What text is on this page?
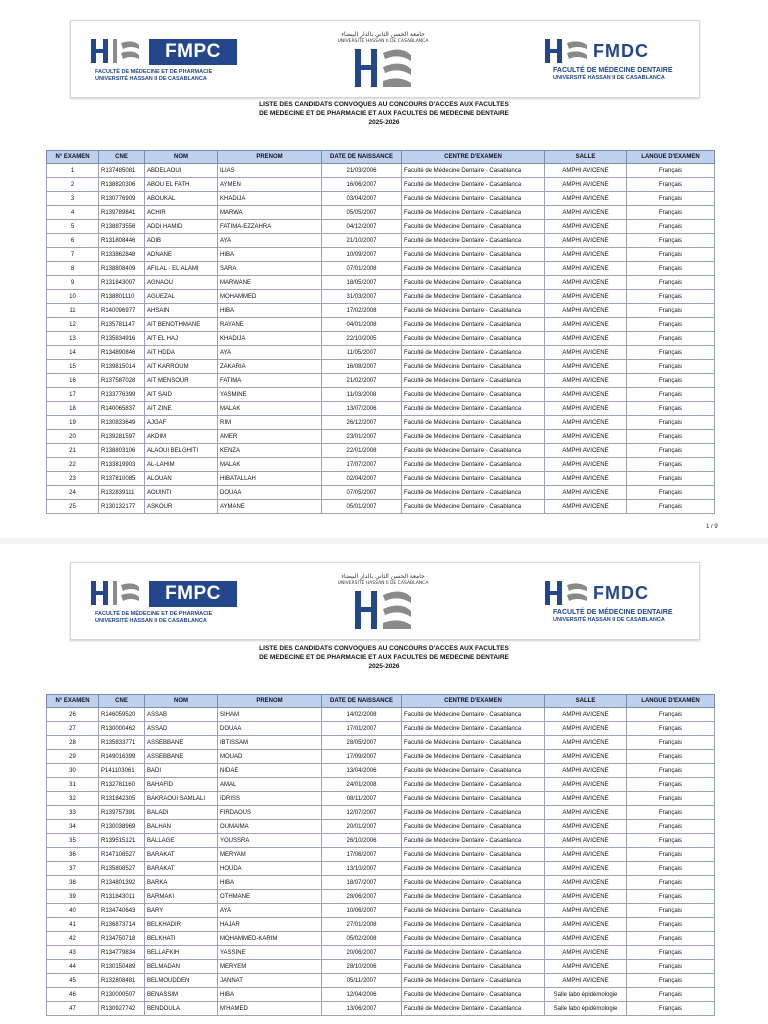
FMPC
FACULTÉ DE MÉDECINE ET DE PHARMACIE
UNIVERSITÉ HASSAN II DE CASABLANCA
جامعة الحسن الثاني بالدار البيضاء
UNIVERSITÉ HASSAN II DE CASABLANCA	FMDC
FACULTÉ DE MÉDECINE DENTAIRE
UNIVERSITÉ HASSAN II DE CASABLANCA
LISTE DES CANDIDATS CONVOQUES AU CONCOURS D'ACCES AUX FACULTES
DE MEDECINE ET DE PHARMACIE ET AUX FACULTES DE MEDECINE DENTAIRE
2025-2026
N° EXAMEN	CNE	NOM	PRENOM	DATE DE NAISSANCE	CENTRE D'EXAMEN	SALLE	LANGUE D'EXAMEN
1	R137485081	ABDELAOUI	ILIAS	21/03/2006	Faculté de Médecine Dentaire - Casablanca	AMPHI AVICENE	Français
2	R138820306	ABOU EL FATH	AYMEN	16/06/2007	Faculté de Médecine Dentaire - Casablanca	AMPHI AVICENE	Français
3	R130776909	ABOUKAL	KHADIJA	03/04/2007	Faculté de Médecine Dentaire - Casablanca	AMPHI AVICENE	Français
4	R139789841	ACHIR	MARWA	05/05/2007	Faculté de Médecine Dentaire - Casablanca	AMPHI AVICENE	Français
5	R138873556	ADDI HAMID	FATIMA-EZZAHRA	04/12/2007	Faculté de Médecine Dentaire - Casablanca	AMPHI AVICENE	Français
6	R131808446	ADIB	AYA	21/10/2007	Faculté de Médecine Dentaire - Casablanca	AMPHI AVICENE	Français
7	R133862848	ADNANE	HIBA	10/09/2007	Faculté de Médecine Dentaire - Casablanca	AMPHI AVICENE	Français
8	R138808409	AFILAL - EL ALAMI	SARA	07/01/2008	Faculté de Médecine Dentaire - Casablanca	AMPHI AVICENE	Français
9	R131843007	AGNAOU	MARWANE	18/05/2007	Faculté de Médecine Dentaire - Casablanca	AMPHI AVICENE	Français
10	R138801110	AGUEZAL	MOHAMMED	31/03/2007	Faculté de Médecine Dentaire - Casablanca	AMPHI AVICENE	Français
11	R140096977	AHSAIN	HIBA	17/02/2008	Faculté de Médecine Dentaire - Casablanca	AMPHI AVICENE	Français
12	R135781147	AIT BENOTHMANE	RAYANE	04/01/2008	Faculté de Médecine Dentaire - Casablanca	AMPHI AVICENE	Français
13	R135834916	AIT EL HAJ	KHADIJA	22/10/2005	Faculté de Médecine Dentaire - Casablanca	AMPHI AVICENE	Français
14	R134890846	AIT HDDA	AYA	11/05/2007	Faculté de Médecine Dentaire - Casablanca	AMPHI AVICENE	Français
15	R139815014	AIT KARROUM	ZAKARIA	16/08/2007	Faculté de Médecine Dentaire - Casablanca	AMPHI AVICENE	Français
16	R137587028	AIT MENSOUR	FATIMA	21/02/2007	Faculté de Médecine Dentaire - Casablanca	AMPHI AVICENE	Français
17	R133776399	AIT SAID	YASMINE	11/03/2008	Faculté de Médecine Dentaire - Casablanca	AMPHI AVICENE	Français
18	R140065837	AIT ZINE	MALAK	13/07/2006	Faculté de Médecine Dentaire - Casablanca	AMPHI AVICENE	Français
19	R130833649	AJGAF	RIM	26/12/2007	Faculté de Médecine Dentaire - Casablanca	AMPHI AVICENE	Français
20	R139281597	AKDIM	AMER	23/01/2007	Faculté de Médecine Dentaire - Casablanca	AMPHI AVICENE	Français
21	R138803106	ALAOUI BELGHITI	KENZA	22/01/2008	Faculté de Médecine Dentaire - Casablanca	AMPHI AVICENE	Français
22	R133819903	AL-LAHIM	MALAK	17/07/2007	Faculté de Médecine Dentaire - Casablanca	AMPHI AVICENE	Français
23	R137810085	ALOUAN	HIBATALLAH	02/04/2007	Faculté de Médecine Dentaire - Casablanca	AMPHI AVICENE	Français
24	R132839111	AOUINTI	DOUAA	07/05/2007	Faculté de Médecine Dentaire - Casablanca	AMPHI AVICENE	Français
25	R130132177	ASKOUR	AYMANE	05/01/2007	Faculté de Médecine Dentaire - Casablanca	AMPHI AVICENE	Français
1 / 9
FMPC
FACULTÉ DE MÉDECINE ET DE PHARMACIE
UNIVERSITÉ HASSAN II DE CASABLANCA
جامعة الحسن الثاني بالدار البيضاء
UNIVERSITÉ HASSAN II DE CASABLANCA	FMDC
FACULTÉ DE MÉDECINE DENTAIRE
UNIVERSITÉ HASSAN II DE CASABLANCA
LISTE DES CANDIDATS CONVOQUES AU CONCOURS D'ACCES AUX FACULTES
DE MEDECINE ET DE PHARMACIE ET AUX FACULTES DE MEDECINE DENTAIRE
2025-2026
N° EXAMEN	CNE	NOM	PRENOM	DATE DE NAISSANCE	CENTRE D'EXAMEN	SALLE	LANGUE D'EXAMEN
26	R146059520	ASSAB	SIHAM	14/02/2008	Faculté de Médecine Dentaire - Casablanca	AMPHI AVICENE	Français
27	R130000462	ASSAD	DOUAA	17/01/2007	Faculté de Médecine Dentaire - Casablanca	AMPHI AVICENE	Français
28	R135833771	ASSEBBANE	IBTISSAM	28/05/2007	Faculté de Médecine Dentaire - Casablanca	AMPHI AVICENE	Français
29	R149016399	ASSEBBANE	MOUAD	17/09/2007	Faculté de Médecine Dentaire - Casablanca	AMPHI AVICENE	Français
30	P141103061	BADI	NIDAE	13/04/2006	Faculté de Médecine Dentaire - Casablanca	AMPHI AVICENE	Français
31	R132781160	BAHAFID	AMAL	24/01/2008	Faculté de Médecine Dentaire - Casablanca	AMPHI AVICENE	Français
32	R131842305	BAKRAOUI SAMLALI	IDRISS	08/11/2007	Faculté de Médecine Dentaire - Casablanca	AMPHI AVICENE	Français
33	R139757391	BALADI	FIRDAOUS	12/07/2007	Faculté de Médecine Dentaire - Casablanca	AMPHI AVICENE	Français
34	R130038969	BALHAN	OUMAIMA	20/01/2007	Faculté de Médecine Dentaire - Casablanca	AMPHI AVICENE	Français
35	R139515121	BALLAGE	YOUSSRA	26/10/2006	Faculté de Médecine Dentaire - Casablanca	AMPHI AVICENE	Français
36	R147108527	BARAKAT	MERYAM	17/06/2007	Faculté de Médecine Dentaire - Casablanca	AMPHI AVICENE	Français
37	R135808527	BARAKAT	HOUDA	13/10/2007	Faculté de Médecine Dentaire - Casablanca	AMPHI AVICENE	Français
38	R134801392	BARKA	HIBA	18/07/2007	Faculté de Médecine Dentaire - Casablanca	AMPHI AVICENE	Français
39	R131843011	BARMAKI	OTHMANE	28/06/2007	Faculté de Médecine Dentaire - Casablanca	AMPHI AVICENE	Français
40	R134740643	BARY	AYA	10/06/2007	Faculté de Médecine Dentaire - Casablanca	AMPHI AVICENE	Français
41	R136873714	BELKHADIR	HAJAR	27/01/2008	Faculté de Médecine Dentaire - Casablanca	AMPHI AVICENE	Français
42	R134750718	BELKHATI	MOHAMMED-KARIM	05/02/2008	Faculté de Médecine Dentaire - Casablanca	AMPHI AVICENE	Français
43	R134779834	BELLAFKIH	YASSINE	20/06/2007	Faculté de Médecine Dentaire - Casablanca	AMPHI AVICENE	Français
44	R130150489	BELMADAN	MERYEM	28/10/2006	Faculté de Médecine Dentaire - Casablanca	AMPHI AVICENE	Français
45	R132808481	BELMOUDDEN	JANNAT	05/11/2007	Faculté de Médecine Dentaire - Casablanca	AMPHI AVICENE	Français
46	R130000507	BENASSIM	HIBA	12/04/2006	Faculté de Médecine Dentaire - Casablanca	Salle labo épidémologie	Français
47	R130927742	BENDOULA	M'HAMED	13/06/2007	Faculté de Médecine Dentaire - Casablanca	Salle labo épidémologie	Français
